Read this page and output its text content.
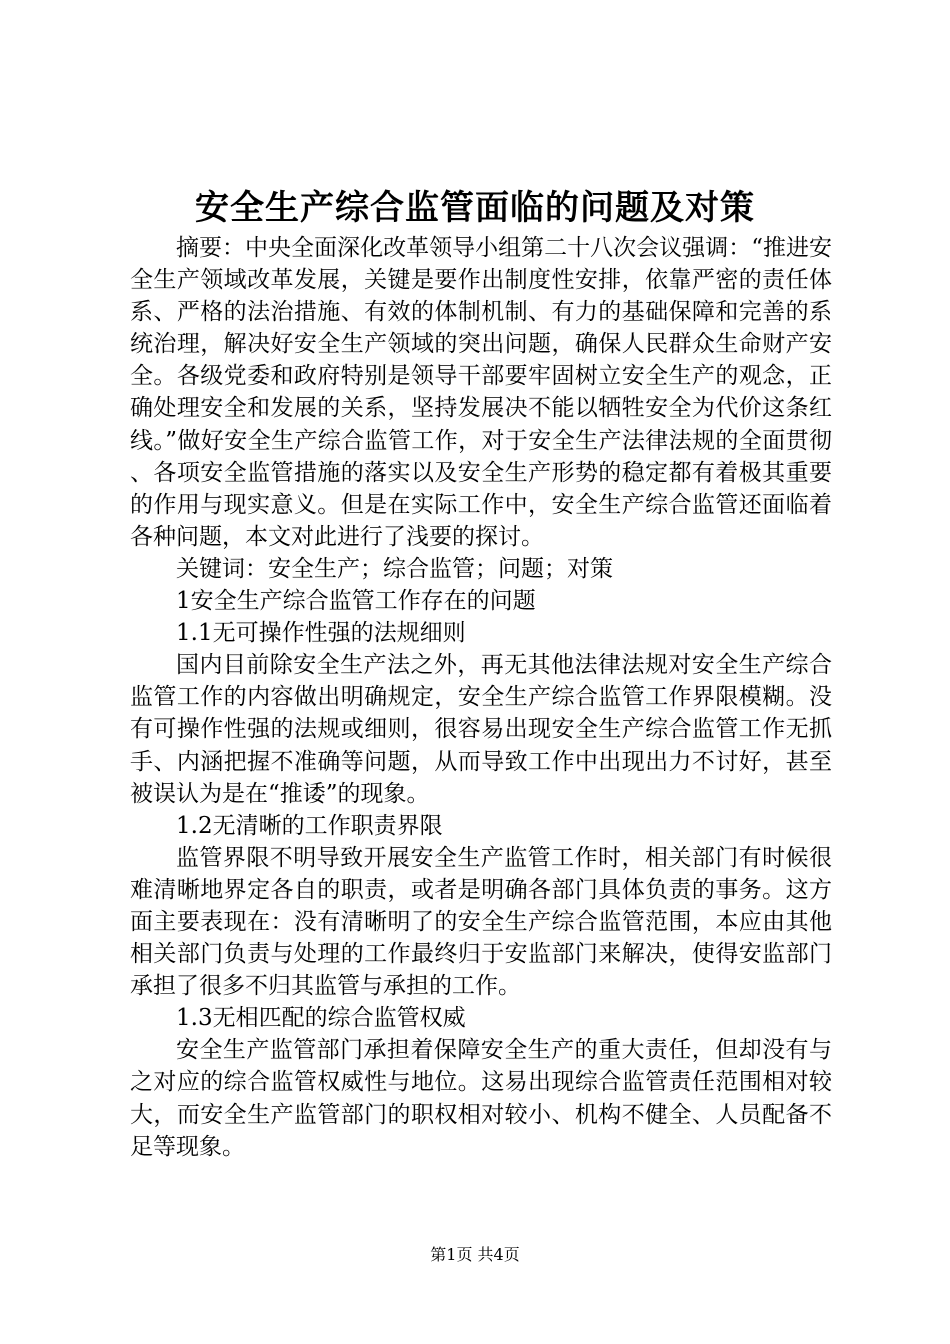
安全生产综合监管面临的问题及对策

摘要：中央全面深化改革领导小组第二十八次会议强调：“推进安全生产领域改革发展，关键是要作出制度性安排，依靠严密的责任体系、严格的法治措施、有效的体制机制、有力的基础保障和完善的系统治理，解决好安全生产领域的突出问题，确保人民群众生命财产安全。各级党委和政府特别是领导干部要牢固树立安全生产的观念，正确处理安全和发展的关系，坚持发展决不能以牺牲安全为代价这条红线。”做好安全生产综合监管工作，对于安全生产法律法规的全面贯彻、各项安全监管措施的落实以及安全生产形势的稳定都有着极其重要的作用与现实意义。但是在实际工作中，安全生产综合监管还面临着各种问题，本文对此进行了浅要的探讨。

关键词：安全生产；综合监管；问题；对策

1安全生产综合监管工作存在的问题

1.1无可操作性强的法规细则

国内目前除安全生产法之外，再无其他法律法规对安全生产综合监管工作的内容做出明确规定，安全生产综合监管工作界限模糊。没有可操作性强的法规或细则，很容易出现安全生产综合监管工作无抓手、内涵把握不准确等问题，从而导致工作中出现出力不讨好，甚至被误认为是在“推诿”的现象。

1.2无清晰的工作职责界限

监管界限不明导致开展安全生产监管工作时，相关部门有时候很难清晰地界定各自的职责，或者是明确各部门具体负责的事务。这方面主要表现在：没有清晰明了的安全生产综合监管范围，本应由其他相关部门负责与处理的工作最终归于安监部门来解决，使得安监部门承担了很多不归其监管与承担的工作。

1.3无相匹配的综合监管权威

安全生产监管部门承担着保障安全生产的重大责任，但却没有与之对应的综合监管权威性与地位。这易出现综合监管责任范围相对较大，而安全生产监管部门的职权相对较小、机构不健全、人员配备不足等现象。

第1页 共4页
